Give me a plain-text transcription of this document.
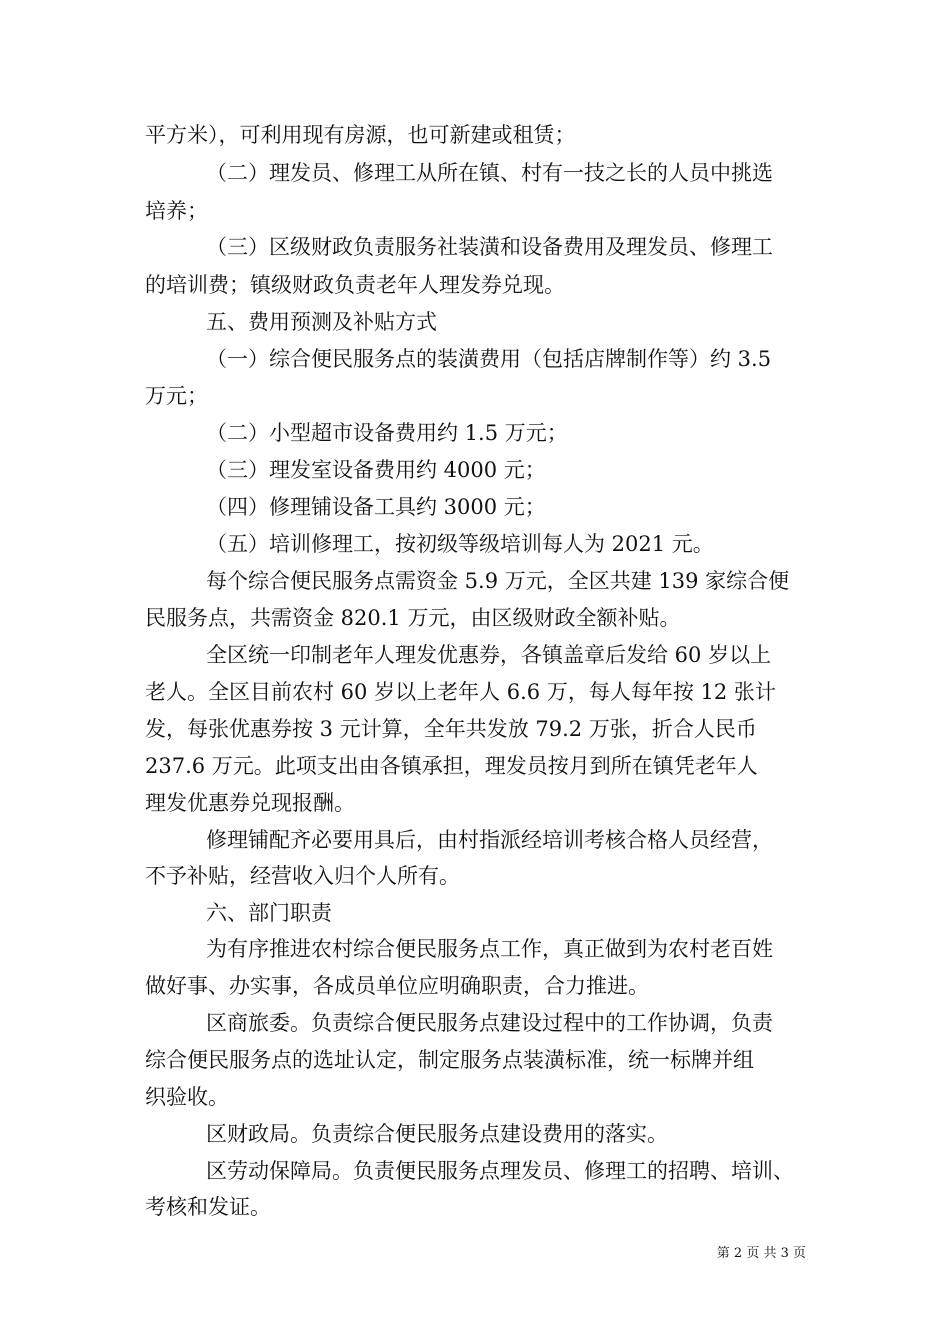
平方米），可利用现有房源，也可新建或租赁；
（二）理发员、修理工从所在镇、村有一技之长的人员中挑选
培养；
（三）区级财政负责服务社装潢和设备费用及理发员、修理工
的培训费；镇级财政负责老年人理发券兑现。
五、费用预测及补贴方式
（一）综合便民服务点的装潢费用（包括店牌制作等）约 3.5
万元；
（二）小型超市设备费用约 1.5 万元；
（三）理发室设备费用约 4000 元；
（四）修理铺设备工具约 3000 元；
（五）培训修理工，按初级等级培训每人为 2021 元。
每个综合便民服务点需资金 5.9 万元，全区共建 139 家综合便
民服务点，共需资金 820.1 万元，由区级财政全额补贴。
全区统一印制老年人理发优惠券，各镇盖章后发给 60 岁以上
老人。全区目前农村 60 岁以上老年人 6.6 万，每人每年按 12 张计
发，每张优惠券按 3 元计算，全年共发放 79.2 万张，折合人民币
237.6 万元。此项支出由各镇承担，理发员按月到所在镇凭老年人
理发优惠券兑现报酬。
修理铺配齐必要用具后，由村指派经培训考核合格人员经营，
不予补贴，经营收入归个人所有。
六、部门职责
为有序推进农村综合便民服务点工作，真正做到为农村老百姓
做好事、办实事，各成员单位应明确职责，合力推进。
区商旅委。负责综合便民服务点建设过程中的工作协调，负责
综合便民服务点的选址认定，制定服务点装潢标准，统一标牌并组
织验收。
区财政局。负责综合便民服务点建设费用的落实。
区劳动保障局。负责便民服务点理发员、修理工的招聘、培训、
考核和发证。
第 2 页 共 3 页
